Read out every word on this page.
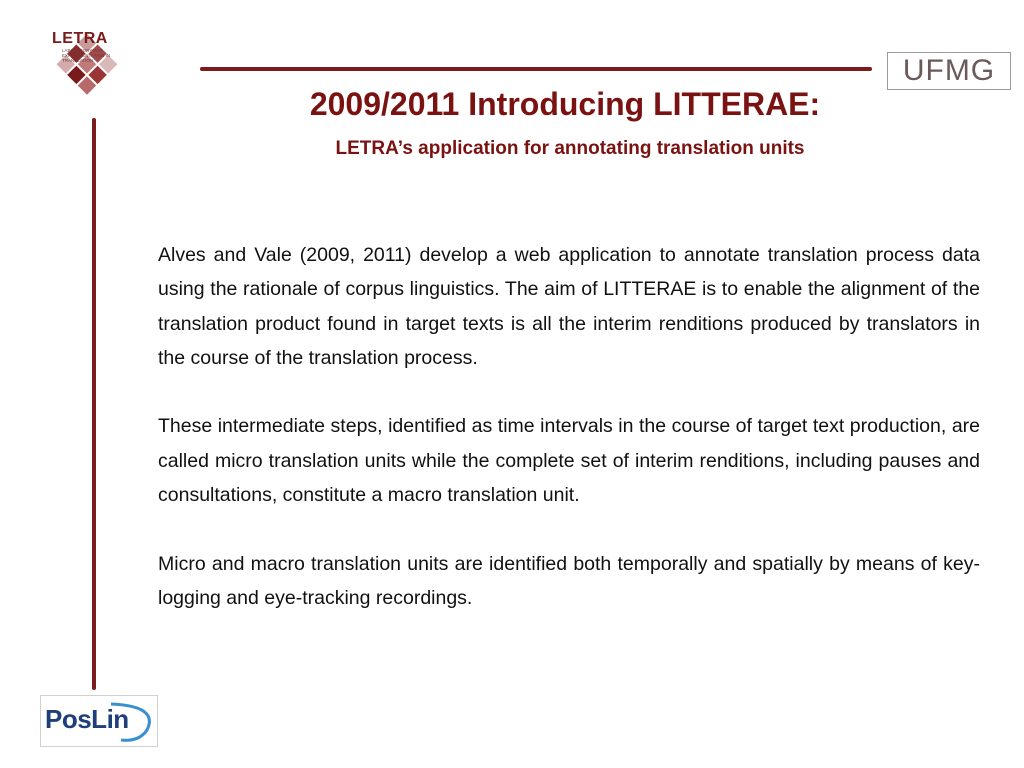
LETRA
LABORATORY FOR EXPERIMENTATION IN TRANSLATION	UFMG
2009/2011 Introducing LITTERAE:
LETRA’s application for annotating translation units

Alves and Vale (2009, 2011) develop a web application to annotate translation process data using the rationale of corpus linguistics. The aim of LITTERAE is to enable the alignment of the translation product found in target texts is all the interim renditions produced by translators in the course of the translation process.

These intermediate steps, identified as time intervals in the course of target text production, are called micro translation units while the complete set of interim renditions, including pauses and consultations, constitute a macro translation unit.

Micro and macro translation units are identified both temporally and spatially by means of key-logging and eye-tracking recordings.

PosLin
